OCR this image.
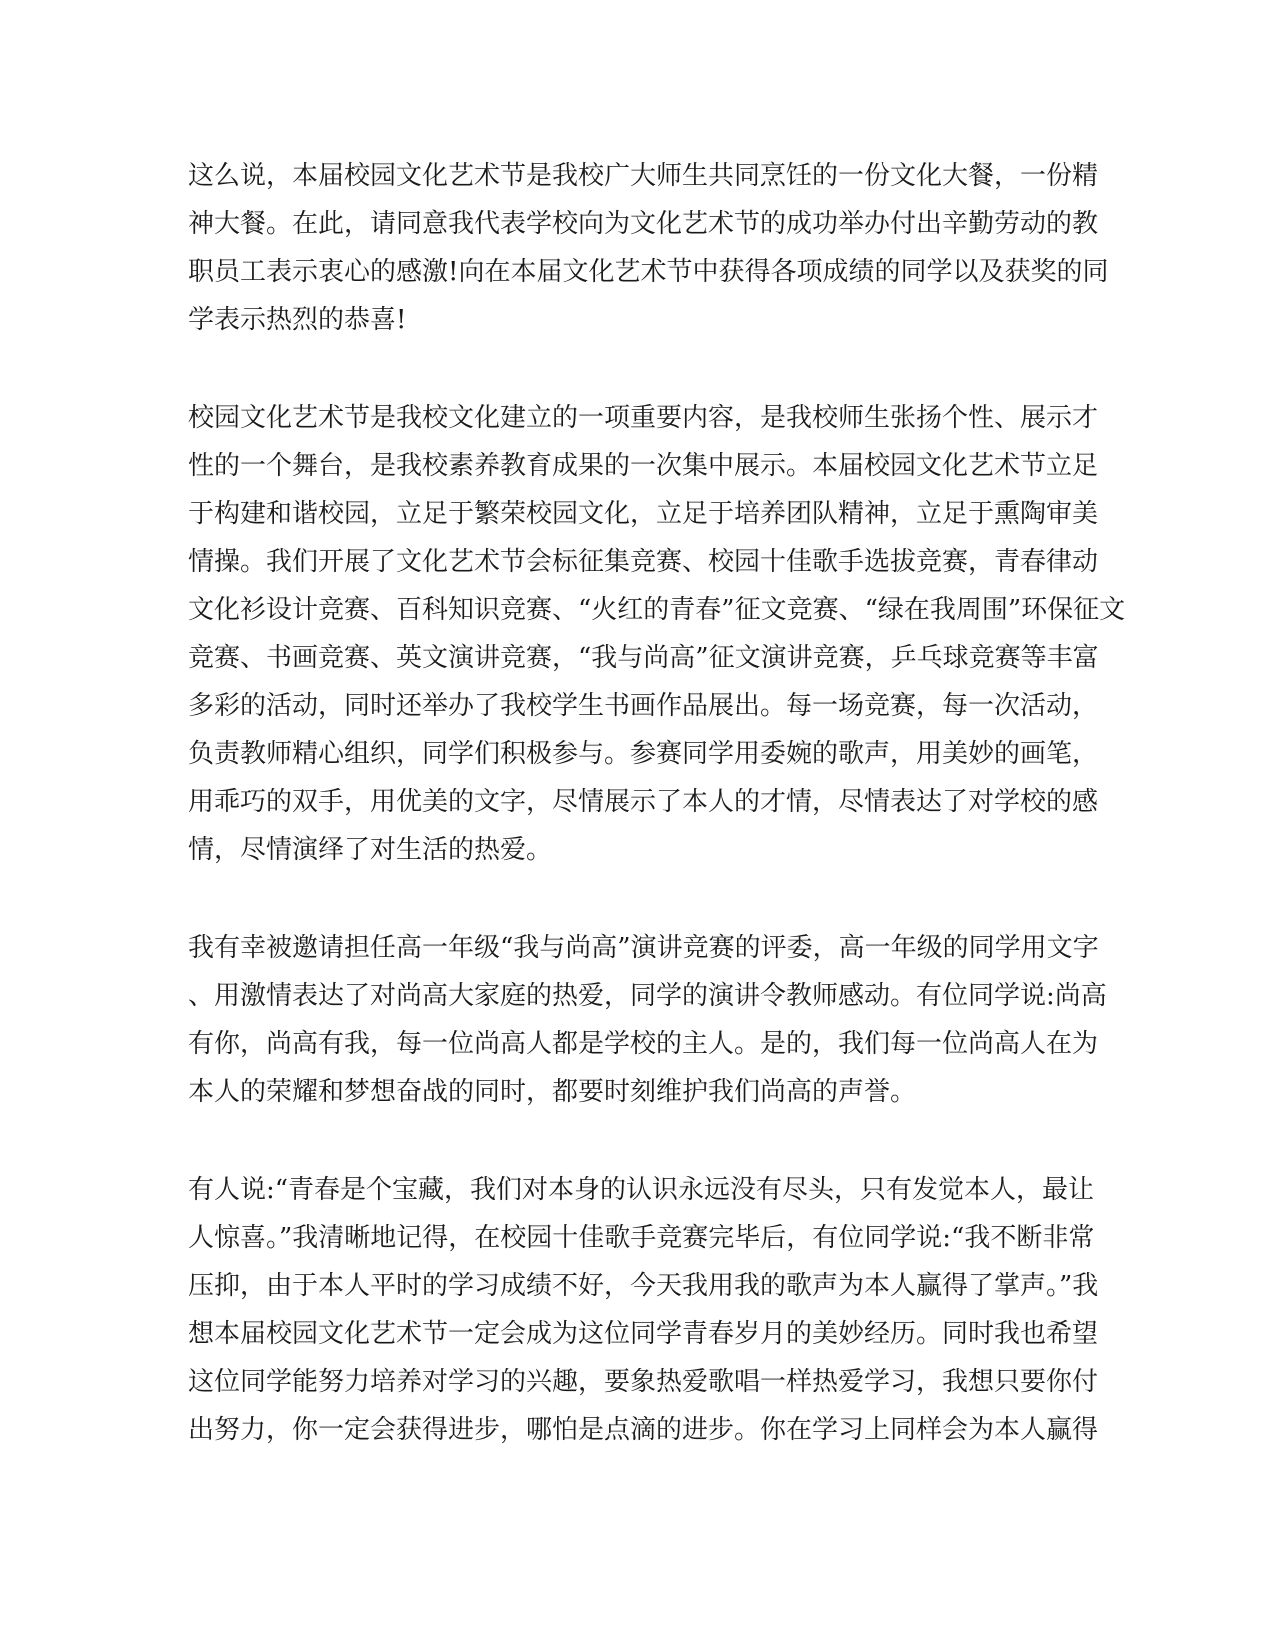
这么说，本届校园文化艺术节是我校广大师生共同烹饪的一份文化大餐，一份精
神大餐。在此，请同意我代表学校向为文化艺术节的成功举办付出辛勤劳动的教
职员工表示衷心的感激!向在本届文化艺术节中获得各项成绩的同学以及获奖的同
学表示热烈的恭喜!
校园文化艺术节是我校文化建立的一项重要内容，是我校师生张扬个性、展示才
性的一个舞台，是我校素养教育成果的一次集中展示。本届校园文化艺术节立足
于构建和谐校园，立足于繁荣校园文化，立足于培养团队精神，立足于熏陶审美
情操。我们开展了文化艺术节会标征集竞赛、校园十佳歌手选拔竞赛，青春律动
文化衫设计竞赛、百科知识竞赛、“火红的青春”征文竞赛、“绿在我周围”环保征文
竞赛、书画竞赛、英文演讲竞赛，“我与尚高”征文演讲竞赛，乒乓球竞赛等丰富
多彩的活动，同时还举办了我校学生书画作品展出。每一场竞赛，每一次活动，
负责教师精心组织，同学们积极参与。参赛同学用委婉的歌声，用美妙的画笔，
用乖巧的双手，用优美的文字，尽情展示了本人的才情，尽情表达了对学校的感
情，尽情演绎了对生活的热爱。
我有幸被邀请担任高一年级“我与尚高”演讲竞赛的评委，高一年级的同学用文字
、用激情表达了对尚高大家庭的热爱，同学的演讲令教师感动。有位同学说:尚高
有你，尚高有我，每一位尚高人都是学校的主人。是的，我们每一位尚高人在为
本人的荣耀和梦想奋战的同时，都要时刻维护我们尚高的声誉。
有人说:“青春是个宝藏，我们对本身的认识永远没有尽头，只有发觉本人，最让
人惊喜。”我清晰地记得，在校园十佳歌手竞赛完毕后，有位同学说:“我不断非常
压抑，由于本人平时的学习成绩不好，今天我用我的歌声为本人赢得了掌声。”我
想本届校园文化艺术节一定会成为这位同学青春岁月的美妙经历。同时我也希望
这位同学能努力培养对学习的兴趣，要象热爱歌唱一样热爱学习，我想只要你付
出努力，你一定会获得进步，哪怕是点滴的进步。你在学习上同样会为本人赢得
